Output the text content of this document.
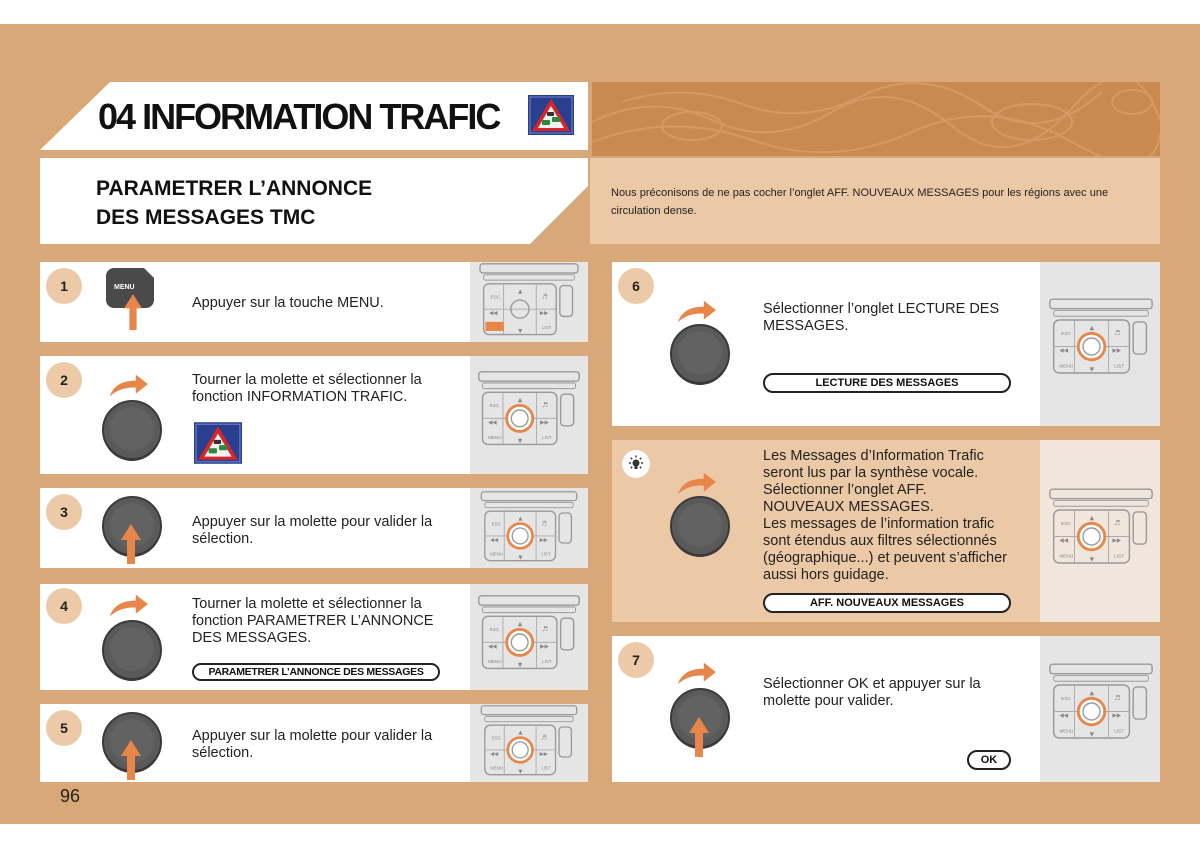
04 INFORMATION TRAFIC
PARAMETRER L’ANNONCE
DES MESSAGES TMC
Nous préconisons de ne pas cocher l’onglet AFF. NOUVEAUX MESSAGES pour les régions avec une circulation dense.
1	MENU
Appuyer sur la touche MENU.
2	Tourner la molette et sélectionner la
fonction INFORMATION TRAFIC.
3
Appuyer sur la molette pour valider la
sélection.
4	Tourner la molette et sélectionner la
fonction PARAMETRER L’ANNONCE
DES MESSAGES.
PARAMETRER L’ANNONCE DES MESSAGES
5	Appuyer sur la molette pour valider la
sélection.
6
Sélectionner l’onglet LECTURE DES
MESSAGES.
LECTURE DES MESSAGES
Les Messages d’Information Trafic
seront lus par la synthèse vocale.
Sélectionner l’onglet AFF.
NOUVEAUX MESSAGES.
Les messages de l’information trafic
sont étendus aux filtres sélectionnés
(géographique...) et peuvent s’afficher
aussi hors guidage.
AFF. NOUVEAUX MESSAGES
7
Sélectionner OK et appuyer sur la
molette pour valider.
OK
96
